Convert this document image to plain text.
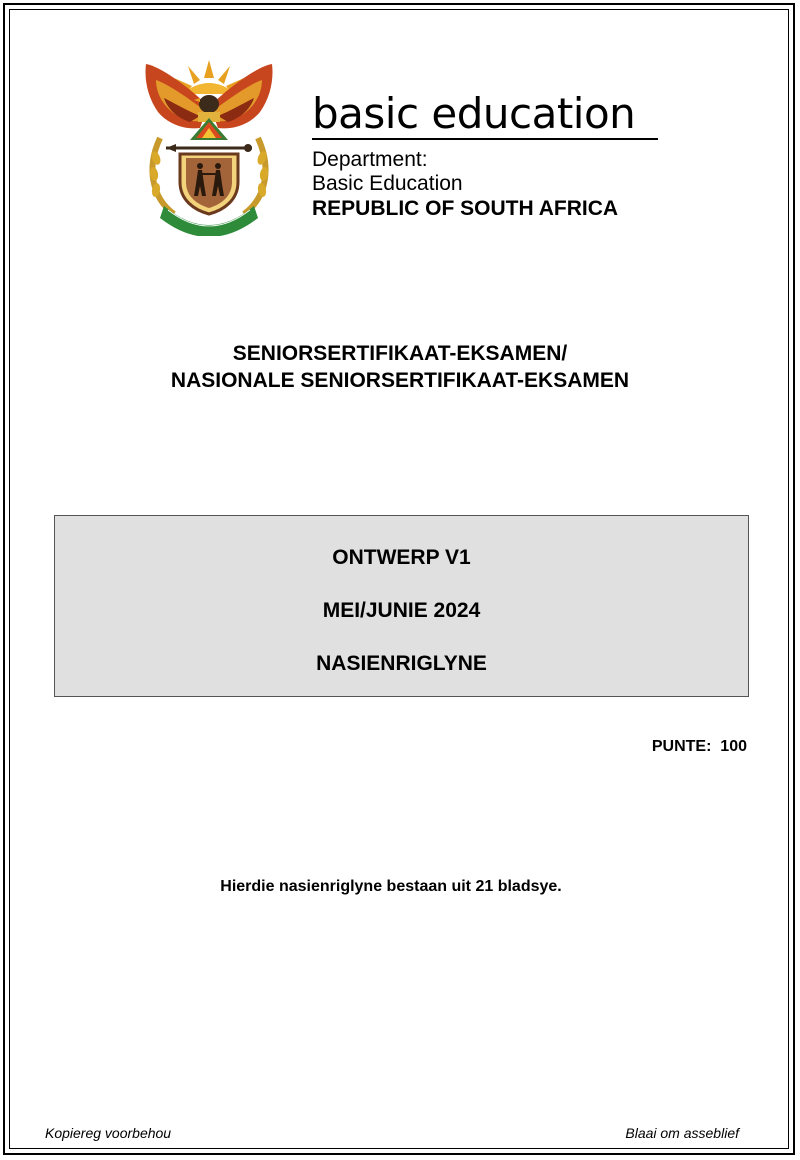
basic education

Department:

Basic Education

REPUBLIC OF SOUTH AFRICA

SENIORSERTIFIKAAT-EKSAMEN/
NASIONALE SENIORSERTIFIKAAT-EKSAMEN
ONTWERP V1
MEI/JUNIE 2024
NASIENRIGLYNE
PUNTE:  100
Hierdie nasienriglyne bestaan uit 21 bladsye.
Kopiereg voorbehou	Blaai om asseblief
